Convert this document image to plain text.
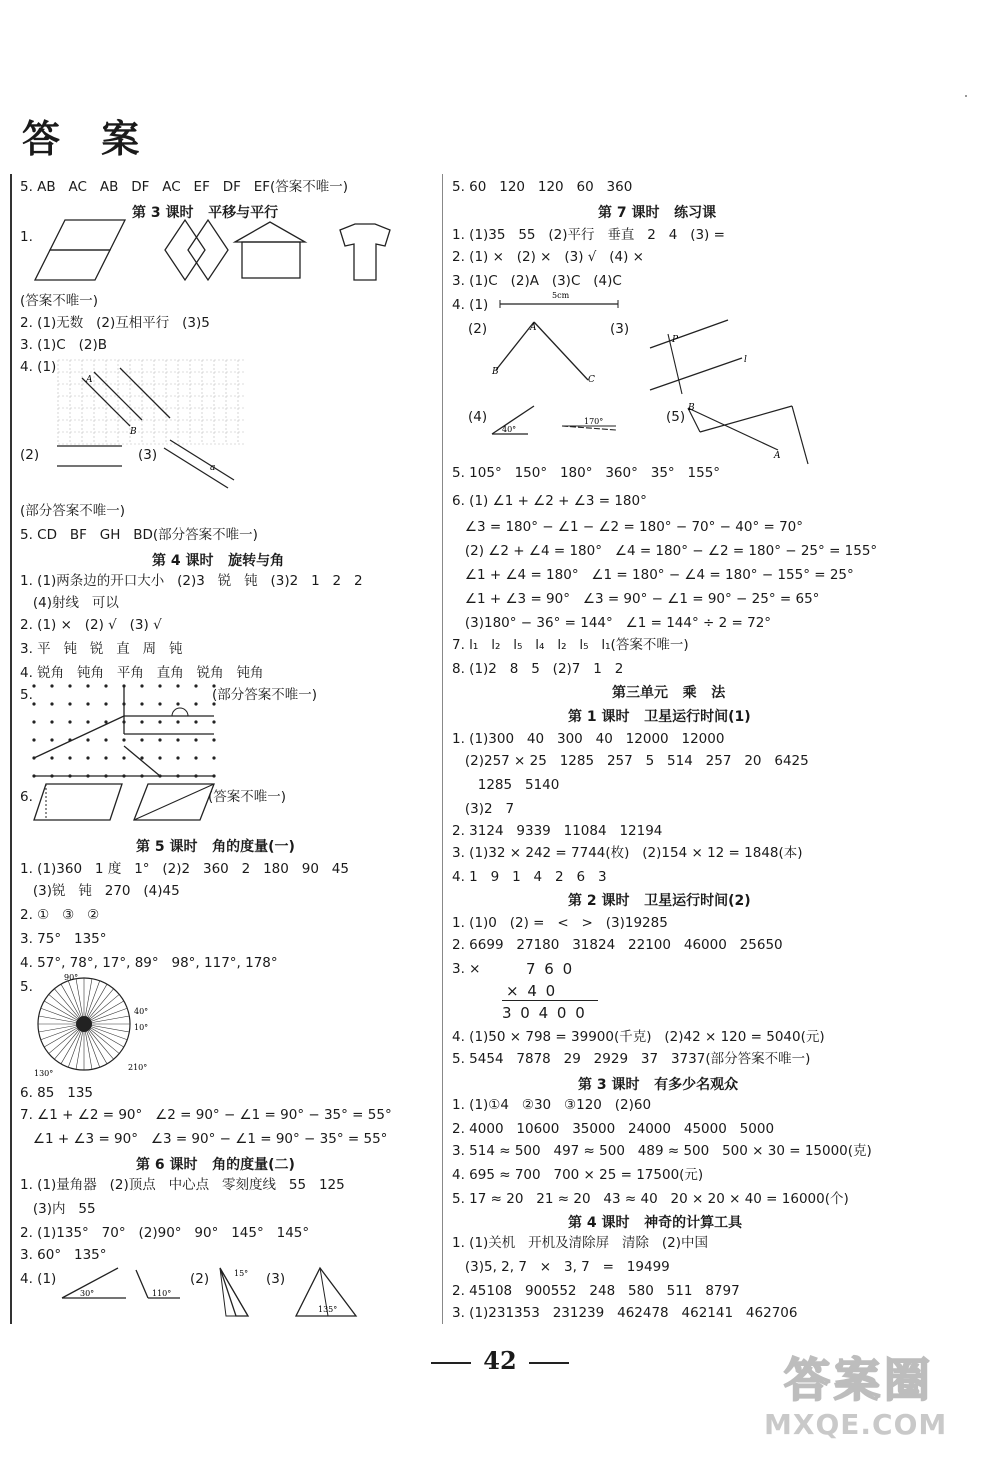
答 案
5. AB   AC   AB   DF   AC   EF   DF   EF(答案不唯一)
第 3 课时   平移与平行
1.
(答案不唯一)
2. (1)无数   (2)互相平行   (3)5
3. (1)C   (2)B
4. (1)
A
B
(2)	(3)
a
(部分答案不唯一)
5. CD   BF   GH   BD(部分答案不唯一)
第 4 课时   旋转与角
1. (1)两条边的开口大小   (2)3   锐   钝   (3)2   1   2   2
(4)射线   可以
2. (1) ×   (2) √   (3) √
3. 平   钝   锐   直   周   钝
4. 锐角   钝角   平角   直角   锐角   钝角
5.	(部分答案不唯一)
6.	(答案不唯一)
第 5 课时   角的度量(一)
1. (1)360   1 度   1°   (2)2   360   2   180   90   45
(3)锐   钝   270   (4)45
2. ①   ③   ②
3. 75°   135°
4. 57°, 78°, 17°, 89°   98°, 117°, 178°
5.
90°
40°
10°
130°
210°
6. 85   135
7. ∠1 + ∠2 = 90°   ∠2 = 90° − ∠1 = 90° − 35° = 55°
∠1 + ∠3 = 90°   ∠3 = 90° − ∠1 = 90° − 35° = 55°
第 6 课时   角的度量(二)
1. (1)量角器   (2)顶点   中心点   零刻度线   55   125
(3)内   55
2. (1)135°   70°   (2)90°   90°   145°   145°
3. 60°   135°
4. (1)
30°	110°
15°
135°
(2)	(3)
5. 60   120   120   60   360
第 7 课时   练习课
1. (1)35   55   (2)平行   垂直   2   4   (3) =
2. (1) ×   (2) ×   (3) √   (4) ×
3. (1)C   (2)A   (3)C   (4)C
4. (1)
5cm
(2)
B
A
C
(3)
l
P
(4)
40°
170°	(5)
B
A
5. 105°   150°   180°   360°   35°   155°
6. (1) ∠1 + ∠2 + ∠3 = 180°
∠3 = 180° − ∠1 − ∠2 = 180° − 70° − 40° = 70°
(2) ∠2 + ∠4 = 180°   ∠4 = 180° − ∠2 = 180° − 25° = 155°
∠1 + ∠4 = 180°   ∠1 = 180° − ∠4 = 180° − 155° = 25°
∠1 + ∠3 = 90°   ∠3 = 90° − ∠1 = 90° − 25° = 65°
(3)180° − 36° = 144°   ∠1 = 144° ÷ 2 = 72°
7. l₁   l₂   l₅   l₄   l₂   l₅   l₁(答案不唯一)
8. (1)2   8   5   (2)7   1   2
第三单元   乘   法
第 1 课时   卫星运行时间(1)
1. (1)300   40   300   40   12000   12000
(2)257 × 25   1285   257   5   514   257   20   6425
1285   5140
(3)2   7
2. 3124   9339   11084   12194
3. (1)32 × 242 = 7744(枚)   (2)154 × 12 = 1848(本)
4. 1   9   1   4   2   6   3
第 2 课时   卫星运行时间(2)
1. (1)0   (2) =   <   >   (3)19285
2. 6699   27180   31824   22100   46000   25650
3. ×	7 6 0
× 4 0
3 0 4 0 0
4. (1)50 × 798 = 39900(千克)   (2)42 × 120 = 5040(元)
5. 5454   7878   29   2929   37   3737(部分答案不唯一)
第 3 课时   有多少名观众
1. (1)①4   ②30   ③120   (2)60
2. 4000   10600   35000   24000   45000   5000
3. 514 ≈ 500   497 ≈ 500   489 ≈ 500   500 × 30 = 15000(克)
4. 695 ≈ 700   700 × 25 = 17500(元)
5. 17 ≈ 20   21 ≈ 20   43 ≈ 40   20 × 20 × 40 = 16000(个)
第 4 课时   神奇的计算工具
1. (1)关机   开机及清除屏   清除   (2)中国
(3)5, 2, 7   ×   3, 7   =   19499
2. 45108   900552   248   580   511   8797
3. (1)231353   231239   462478   462141   462706
42	答案圈
MXQE.COM
